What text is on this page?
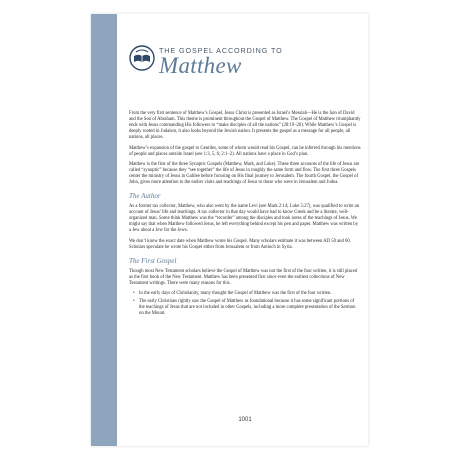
THE GOSPEL ACCORDING TO
Matthew

From the very first sentence of Matthew’s Gospel, Jesus Christ is presented as Israel’s Messiah—He is the Son of David and the Son of Abraham. This theme is prominent throughout the Gospel of Matthew. The Gospel of Matthew triumphantly ends with Jesus commanding His followers to “make disciples of all the nations” (28:19–20). While Matthew’s Gospel is deeply rooted in Judaism, it also looks beyond the Jewish nation. It presents the gospel as a message for all people, all nations, all places.

Matthew’s expansion of the gospel to Gentiles, some of whom would read his Gospel, can be inferred through his mentions of people and places outside Israel (see 1:3, 5, 6; 2:1–2). All nations have a place in God’s plan.

Matthew is the first of the three Synoptic Gospels (Matthew, Mark, and Luke). These three accounts of the life of Jesus are called “synoptic” because they “see together” the life of Jesus in roughly the same form and flow. The first three Gospels center the ministry of Jesus in Galilee before focusing on His final journey to Jerusalem. The fourth Gospel, the Gospel of John, gives more attention to the earlier visits and teachings of Jesus to those who were in Jerusalem and Judea.

The Author

As a former tax collector, Matthew, who also went by the name Levi (see Mark 2:14; Luke 5:27), was qualified to write an account of Jesus’ life and teachings. A tax collector in that day would have had to know Greek and be a literate, well-organized man. Some think Matthew was the “recorder” among the disciples and took notes of the teachings of Jesus. We might say that when Matthew followed Jesus, he left everything behind except his pen and paper. Matthew was written by a Jew about a Jew for the Jews.

We don’t know the exact date when Matthew wrote his Gospel. Many scholars estimate it was between AD 50 and 60. Scholars speculate he wrote his Gospel either from Jerusalem or from Antioch in Syria.

The First Gospel

Though most New Testament scholars believe the Gospel of Matthew was not the first of the four written, it is still placed as the first book of the New Testament. Matthew has been presented first since even the earliest collections of New Testament writings. There were many reasons for this.

• In the early days of Christianity, many thought the Gospel of Matthew was the first of the four written.
• The early Christians rightly saw the Gospel of Matthew as foundational because it has some significant portions of the teachings of Jesus that are not included in other Gospels, including a more complete presentation of the Sermon on the Mount.
1001
